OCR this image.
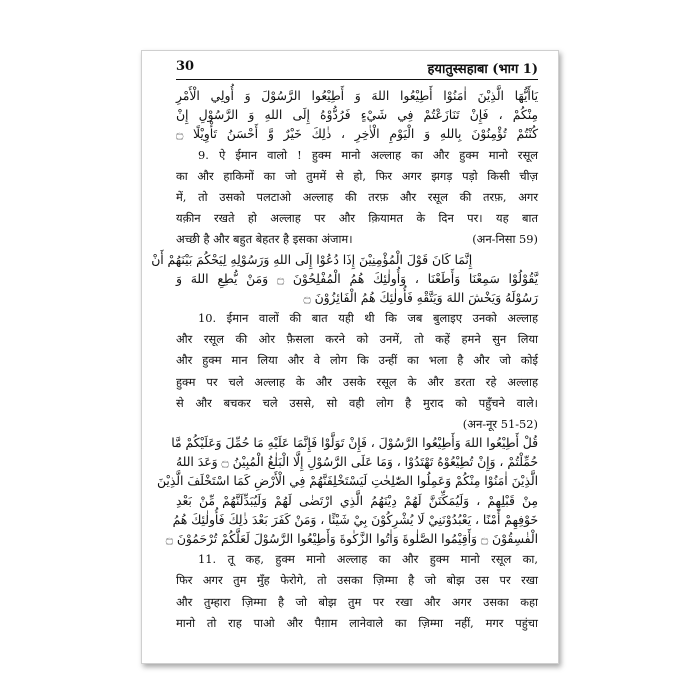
30	हयातुस्सहाबा (भाग 1)
يَاأَيُّهَا الَّذِيْنَ اٰمَنُوْا أَطِيْعُوا اللهَ وَ أَطِيْعُوا الرَّسُوْلَ وَ أُولِي الْأَمْرِ
مِنْكُمْ ، فَإِنْ تَنَازَعْتُمْ فِي شَيْءٍ فَرُدُّوْهُ إِلَى اللهِ وَ الرَّسُوْلِ إِنْ
كُنْتُمْ تُؤْمِنُوْنَ بِاللهِ وَ الْيَوْمِ الْاٰخِرِ ، ذٰلِكَ خَيْرٌ وَّ أَحْسَنُ تَأْوِيْلًا ۝
9. ऐ ईमान वालो ! हुक्म मानो अल्लाह का और हुक्म मानो रसूल
का और हाकिमों का जो तुममें से हो, फिर अगर झगड़ पड़ो किसी चीज़
में, तो उसको पलटाओ अल्लाह की तरफ़ और रसूल की तरफ़, अगर
यक़ीन रखते हो अल्लाह पर और क़ियामत के दिन पर। यह बात
अच्छी है और बहुत बेहतर है इसका अंजाम।	(अन-निसा 59)
إِنَّمَا كَانَ قَوْلَ الْمُؤْمِنِيْنَ إِذَا دُعُوْا إِلَى اللهِ وَرَسُوْلِهِ لِيَحْكُمَ بَيْنَهُمْ أَنْ
يَّقُوْلُوْا سَمِعْنَا وَأَطَعْنَا ، وَأُولٰئِكَ هُمُ الْمُفْلِحُوْنَ ۝ وَمَنْ يُّطِعِ اللهَ وَ
رَسُوْلَهُ وَيَخْشَ اللهَ وَيَتَّقْهِ فَأُولٰئِكَ هُمُ الْفَائِزُوْنَ ۝
10. ईमान वालों की बात यही थी कि जब बुलाइए उनको अल्लाह
और रसूल की ओर फ़ैसला करने को उनमें, तो कहें हमने सुन लिया
और हुक्म मान लिया और वे लोग कि उन्हीं का भला है और जो कोई
हुक्म पर चले अल्लाह के और उसके रसूल के और डरता रहे अल्लाह
से और बचकर चले उससे, सो वही लोग है मुराद को पहुँचने वाले।
(अन-नूर 51-52)
قُلْ أَطِيْعُوا اللهَ وَأَطِيْعُوا الرَّسُوْلَ ، فَإِنْ تَوَلَّوْا فَإِنَّمَا عَلَيْهِ مَا حُمِّلَ وَعَلَيْكُمْ مَّا
حُمِّلْتُمْ ، وَإِنْ تُطِيْعُوْهُ تَهْتَدُوْا ، وَمَا عَلَى الرَّسُوْلِ إِلَّا الْبَلٰغُ الْمُبِيْنُ ۝ وَعَدَ اللهُ
الَّذِيْنَ اٰمَنُوْا مِنْكُمْ وَعَمِلُوا الصّٰلِحٰتِ لَيَسْتَخْلِفَنَّهُمْ فِي الْأَرْضِ كَمَا اسْتَخْلَفَ الَّذِيْنَ
مِنْ قَبْلِهِمْ ، وَلَيُمَكِّنَنَّ لَهُمْ دِيْنَهُمُ الَّذِي ارْتَضٰى لَهُمْ وَلَيُبَدِّلَنَّهُمْ مِّنْ بَعْدِ
خَوْفِهِمْ أَمْنًا ، يَعْبُدُوْنَنِيْ لَا يُشْرِكُوْنَ بِيْ شَيْئًا ، وَمَنْ كَفَرَ بَعْدَ ذٰلِكَ فَأُولٰئِكَ هُمُ
الْفٰسِقُوْنَ ۝ وَأَقِيْمُوا الصَّلٰوةَ وَاٰتُوا الزَّكٰوةَ وَأَطِيْعُوا الرَّسُوْلَ لَعَلَّكُمْ تُرْحَمُوْنَ ۝
11. तू कह, हुक्म मानो अल्लाह का और हुक्म मानो रसूल का,
फिर अगर तुम मुँह फेरोगे, तो उसका ज़िम्मा है जो बोझ उस पर रखा
और तुम्हारा ज़िम्मा है जो बोझ तुम पर रखा और अगर उसका कहा
मानो तो राह पाओ और पैग़ाम लानेवाले का ज़िम्मा नहीं, मगर पहुंचा
